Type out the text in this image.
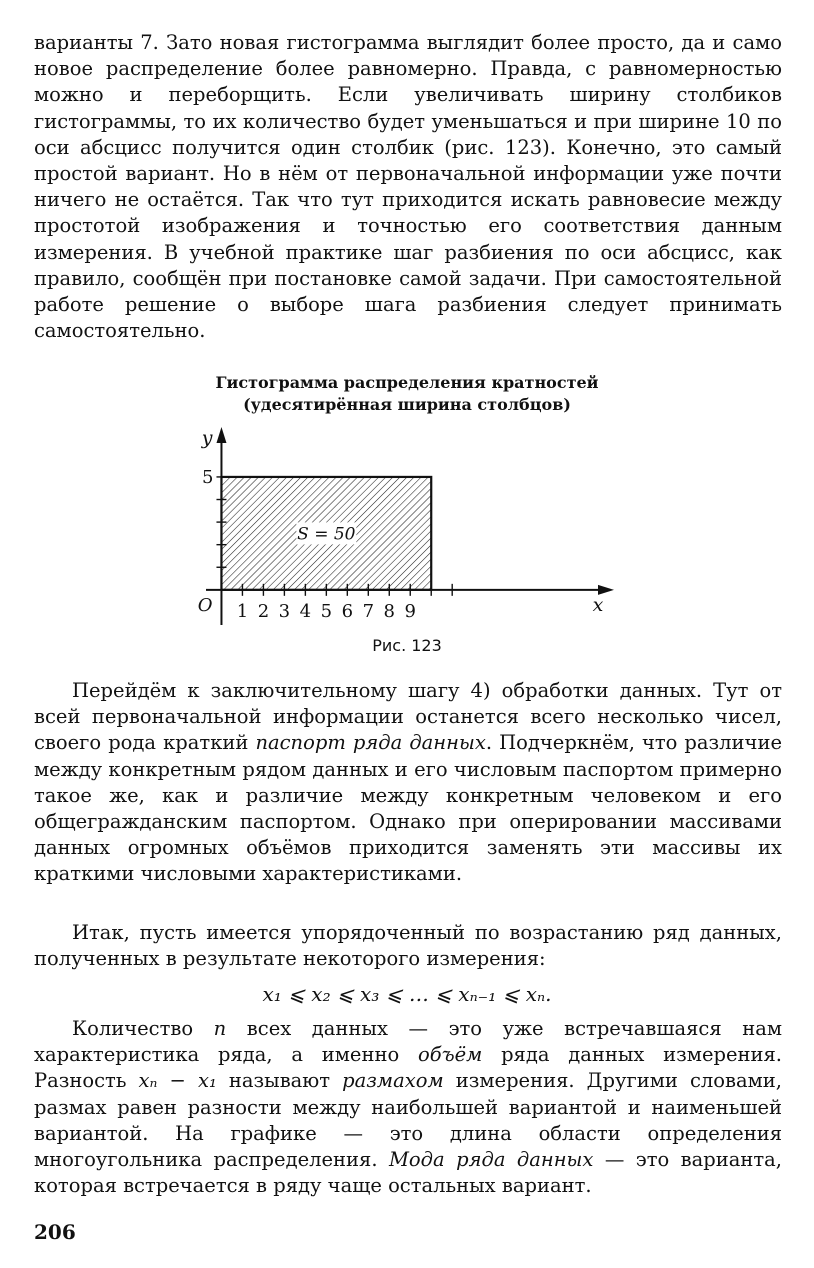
варианты 7. Зато новая гистограмма выглядит более просто, да и само новое распределение более равномерно. Правда, с равномерностью можно и переборщить. Если увеличивать ширину столбиков гистограммы, то их количество будет уменьшаться и при ширине 10 по оси абсцисс получится один столбик (рис. 123). Конечно, это самый простой вариант. Но в нём от первоначальной информации уже почти ничего не остаётся. Так что тут приходится искать равновесие между простотой изображения и точностью его соответствия данным измерения. В учебной практике шаг разбиения по оси абсцисс, как правило, сообщён при постановке самой задачи. При самостоятельной работе решение о выборе шага разбиения следует принимать самостоятельно.

Гистограмма распределения кратностей
(удесятирённая ширина столбцов)
S = 50
1 2 3 4 5 6 7 8 9
5
O	x
y
Рис. 123

Перейдём к заключительному шагу 4) обработки данных. Тут от всей первоначальной информации останется всего несколько чисел, своего рода краткий паспорт ряда данных. Подчеркнём, что различие между конкретным рядом данных и его числовым паспортом примерно такое же, как и различие между конкретным человеком и его общегражданским паспортом. Однако при оперировании массивами данных огромных объёмов приходится заменять эти массивы их краткими числовыми характеристиками.

Итак, пусть имеется упорядоченный по возрастанию ряд данных, полученных в результате некоторого измерения:

x₁ ⩽ x₂ ⩽ x₃ ⩽ … ⩽ xₙ₋₁ ⩽ xₙ.

Количество n всех данных — это уже встречавшаяся нам характеристика ряда, а именно объём ряда данных измерения. Разность xₙ − x₁ называют размахом измерения. Другими словами, размах равен разности между наибольшей вариантой и наименьшей вариантой. На графике — это длина области определения многоугольника распределения. Мода ряда данных — это варианта, которая встречается в ряду чаще остальных вариант.

206
